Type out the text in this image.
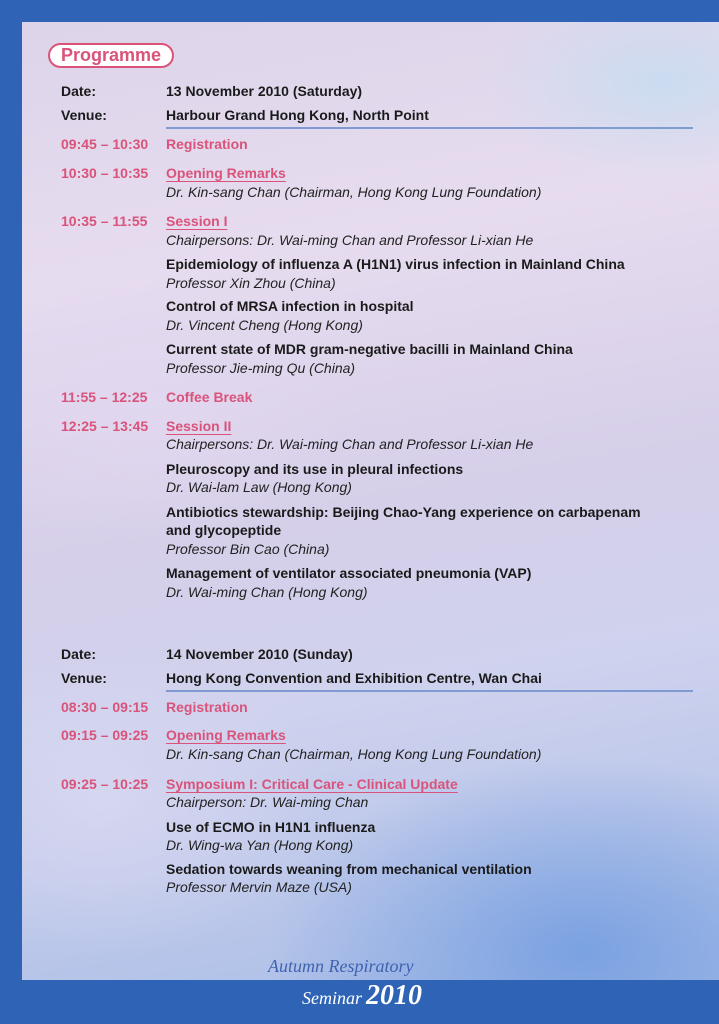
Programme
Date:	13 November 2010 (Saturday)
Venue:	Harbour Grand Hong Kong, North Point
09:45 – 10:30 Registration
10:30 – 10:35 Opening Remarks
Dr. Kin-sang Chan (Chairman, Hong Kong Lung Foundation)
10:35 – 11:55 Session I
Chairpersons: Dr. Wai-ming Chan and Professor Li-xian He
Epidemiology of influenza A (H1N1) virus infection in Mainland China
Professor Xin Zhou (China)
Control of MRSA infection in hospital
Dr. Vincent Cheng (Hong Kong)
Current state of MDR gram-negative bacilli in Mainland China
Professor Jie-ming Qu (China)
11:55 – 12:25 Coffee Break
12:25 – 13:45 Session II
Chairpersons: Dr. Wai-ming Chan and Professor Li-xian He
Pleuroscopy and its use in pleural infections
Dr. Wai-lam Law (Hong Kong)
Antibiotics stewardship: Beijing Chao-Yang experience on carbapenam
and glycopeptide
Professor Bin Cao (China)
Management of ventilator associated pneumonia (VAP)
Dr. Wai-ming Chan (Hong Kong)
Date:	14 November 2010 (Sunday)
Venue:	Hong Kong Convention and Exhibition Centre, Wan Chai
08:30 – 09:15 Registration
09:15 – 09:25 Opening Remarks
Dr. Kin-sang Chan (Chairman, Hong Kong Lung Foundation)
09:25 – 10:25 Symposium I: Critical Care - Clinical Update
Chairperson: Dr. Wai-ming Chan
Use of ECMO in H1N1 influenza
Dr. Wing-wa Yan (Hong Kong)
Sedation towards weaning from mechanical ventilation
Professor Mervin Maze (USA)
Autumn Respiratory
Seminar 2010
